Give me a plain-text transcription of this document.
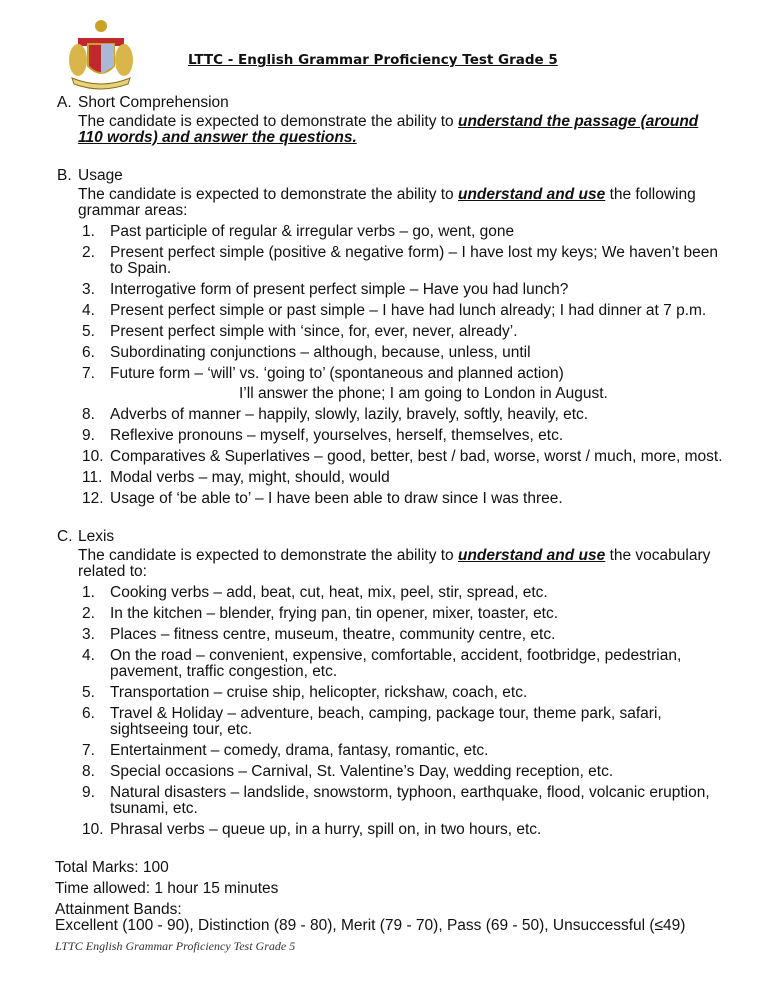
LTTC - English Grammar Proficiency Test Grade 5
A. Short Comprehension
The candidate is expected to demonstrate the ability to understand the passage (around 110 words) and answer the questions.
B. Usage
The candidate is expected to demonstrate the ability to understand and use the following grammar areas:
1. Past participle of regular & irregular verbs – go, went, gone
2. Present perfect simple (positive & negative form) – I have lost my keys; We haven’t been to Spain.
3. Interrogative form of present perfect simple – Have you had lunch?
4. Present perfect simple or past simple – I have had lunch already; I had dinner at 7 p.m.
5. Present perfect simple with ‘since, for, ever, never, already’.
6. Subordinating conjunctions – although, because, unless, until
7. Future form – ‘will’ vs. ‘going to’ (spontaneous and planned action)
I’ll answer the phone; I am going to London in August.
8. Adverbs of manner – happily, slowly, lazily, bravely, softly, heavily, etc.
9. Reflexive pronouns – myself, yourselves, herself, themselves, etc.
10. Comparatives & Superlatives – good, better, best / bad, worse, worst / much, more, most.
11. Modal verbs – may, might, should, would
12. Usage of ‘be able to’ – I have been able to draw since I was three.
C. Lexis
The candidate is expected to demonstrate the ability to understand and use the vocabulary related to:
1. Cooking verbs – add, beat, cut, heat, mix, peel, stir, spread, etc.
2. In the kitchen – blender, frying pan, tin opener, mixer, toaster, etc.
3. Places – fitness centre, museum, theatre, community centre, etc.
4. On the road – convenient, expensive, comfortable, accident, footbridge, pedestrian, pavement, traffic congestion, etc.
5. Transportation – cruise ship, helicopter, rickshaw, coach, etc.
6. Travel & Holiday – adventure, beach, camping, package tour, theme park, safari, sightseeing tour, etc.
7. Entertainment – comedy, drama, fantasy, romantic, etc.
8. Special occasions – Carnival, St. Valentine’s Day, wedding reception, etc.
9. Natural disasters – landslide, snowstorm, typhoon, earthquake, flood, volcanic eruption, tsunami, etc.
10. Phrasal verbs – queue up, in a hurry, spill on, in two hours, etc.
Total Marks: 100
Time allowed: 1 hour 15 minutes
Attainment Bands:
Excellent (100 - 90), Distinction (89 - 80), Merit (79 - 70), Pass (69 - 50), Unsuccessful (≤49)
LTTC English Grammar Proficiency Test Grade 5
